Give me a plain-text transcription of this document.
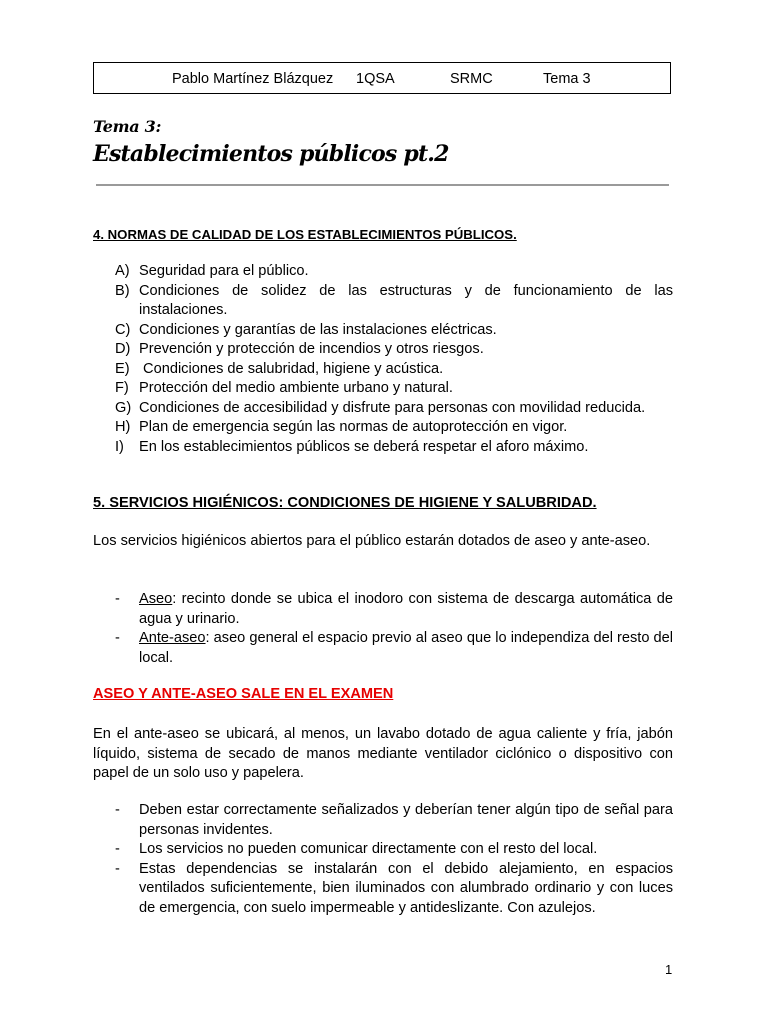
Pablo Martínez Blázquez 1QSA	SRMC	Tema 3
Tema 3:
Establecimientos públicos pt.2
4. NORMAS DE CALIDAD DE LOS ESTABLECIMIENTOS PÚBLICOS.
A) Seguridad para el público.
B) Condiciones de solidez de las estructuras y de funcionamiento de las instalaciones.
C) Condiciones y garantías de las instalaciones eléctricas.
D) Prevención y protección de incendios y otros riesgos.
E) Condiciones de salubridad, higiene y acústica.
F) Protección del medio ambiente urbano y natural.
G) Condiciones de accesibilidad y disfrute para personas con movilidad reducida.
H) Plan de emergencia según las normas de autoprotección en vigor.
I) En los establecimientos públicos se deberá respetar el aforo máximo.
5. SERVICIOS HIGIÉNICOS: CONDICIONES DE HIGIENE Y SALUBRIDAD.

Los servicios higiénicos abiertos para el público estarán dotados de aseo y ante-aseo.

- Aseo: recinto donde se ubica el inodoro con sistema de descarga automática de agua y urinario.
- Ante-aseo: aseo general el espacio previo al aseo que lo independiza del resto del local.
ASEO Y ANTE-ASEO SALE EN EL EXAMEN

En el ante-aseo se ubicará, al menos, un lavabo dotado de agua caliente y fría, jabón líquido, sistema de secado de manos mediante ventilador ciclónico o dispositivo con papel de un solo uso y papelera.

- Deben estar correctamente señalizados y deberían tener algún tipo de señal para personas invidentes.
- Los servicios no pueden comunicar directamente con el resto del local.
- Estas dependencias se instalarán con el debido alejamiento, en espacios ventilados suficientemente, bien iluminados con alumbrado ordinario y con luces de emergencia, con suelo impermeable y antideslizante. Con azulejos.
1
